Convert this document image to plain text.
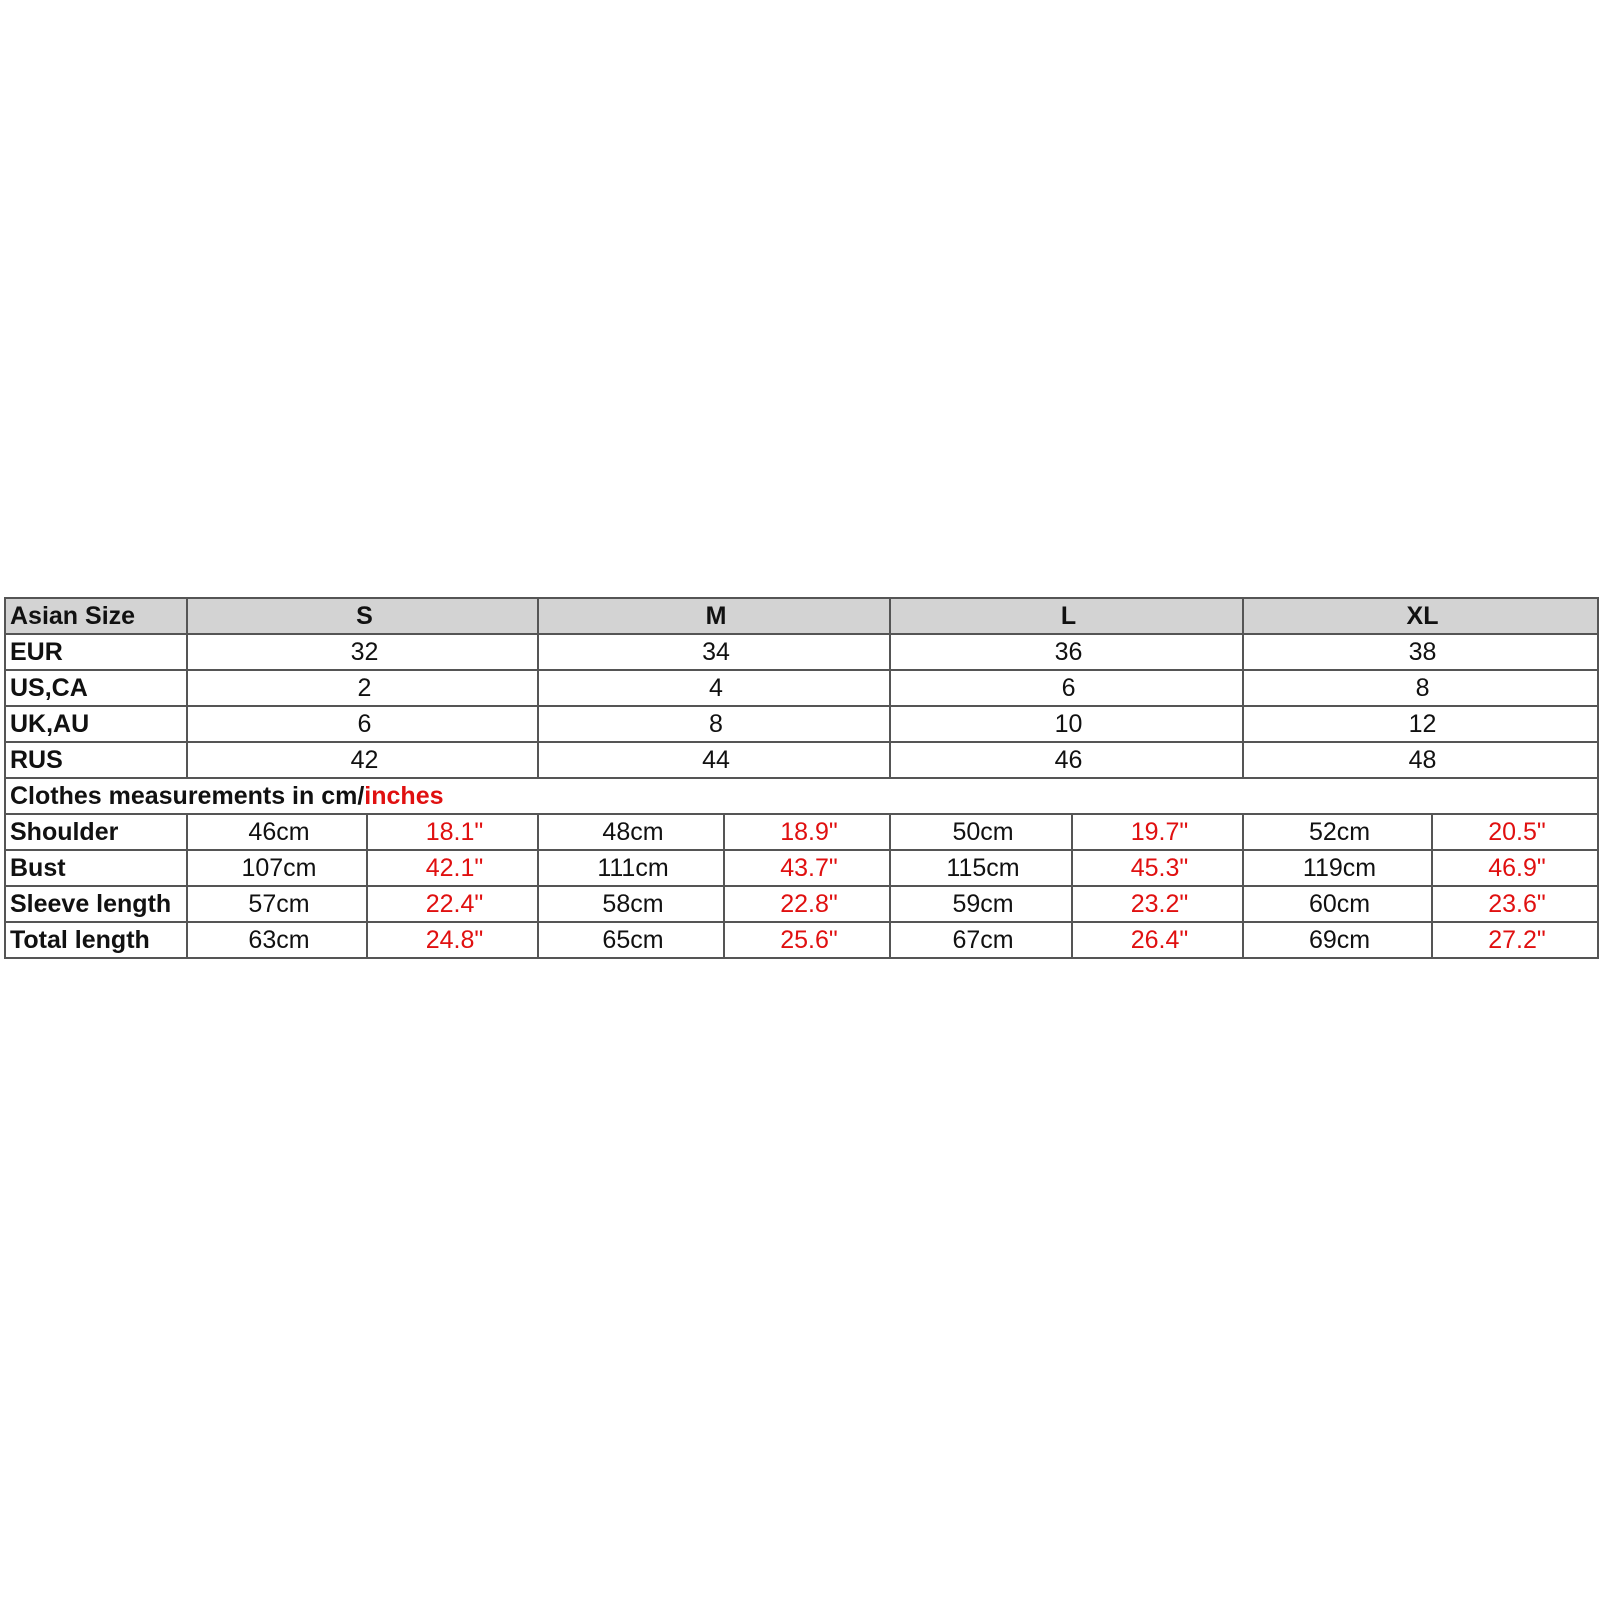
Asian Size	S		M		L		XL	
EUR	32		34		36		38	
US,CA	2		4		6		8	
UK,AU	6		8		10		12	
RUS	42		44		46		48	
Clothes measurements in cm/inches								
Shoulder	46cm	18.1"	48cm	18.9"	50cm	19.7"	52cm	20.5"
Bust	107cm	42.1"	111cm	43.7"	115cm	45.3"	119cm	46.9"
Sleeve length	57cm	22.4"	58cm	22.8"	59cm	23.2"	60cm	23.6"
Total length	63cm	24.8"	65cm	25.6"	67cm	26.4"	69cm	27.2"
